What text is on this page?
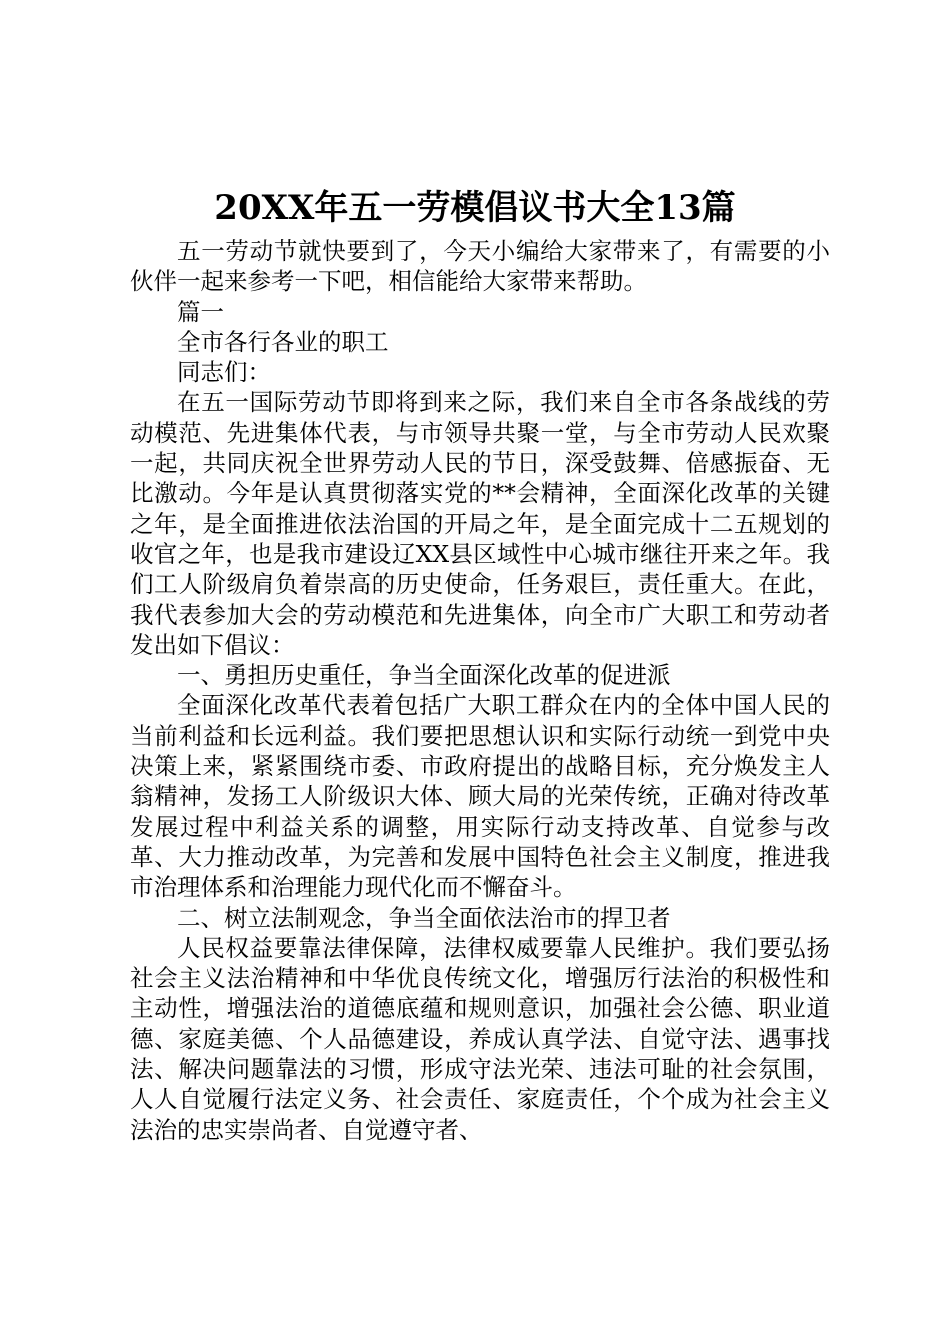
20XX年五一劳模倡议书大全13篇

五一劳动节就快要到了，今天小编给大家带来了，有需要的小伙伴一起来参考一下吧，相信能给大家带来帮助。

篇一

全市各行各业的职工

同志们：

在五一国际劳动节即将到来之际，我们来自全市各条战线的劳动模范、先进集体代表，与市领导共聚一堂，与全市劳动人民欢聚一起，共同庆祝全世界劳动人民的节日，深受鼓舞、倍感振奋、无比激动。今年是认真贯彻落实党的**会精神，全面深化改革的关键之年，是全面推进依法治国的开局之年，是全面完成十二五规划的收官之年，也是我市建设辽XX县区域性中心城市继往开来之年。我们工人阶级肩负着崇高的历史使命，任务艰巨，责任重大。在此，我代表参加大会的劳动模范和先进集体，向全市广大职工和劳动者发出如下倡议：

一、勇担历史重任，争当全面深化改革的促进派

全面深化改革代表着包括广大职工群众在内的全体中国人民的当前利益和长远利益。我们要把思想认识和实际行动统一到党中央决策上来，紧紧围绕市委、市政府提出的战略目标，充分焕发主人翁精神，发扬工人阶级识大体、顾大局的光荣传统，正确对待改革发展过程中利益关系的调整，用实际行动支持改革、自觉参与改革、大力推动改革，为完善和发展中国特色社会主义制度，推进我市治理体系和治理能力现代化而不懈奋斗。

二、树立法制观念，争当全面依法治市的捍卫者

人民权益要靠法律保障，法律权威要靠人民维护。我们要弘扬社会主义法治精神和中华优良传统文化，增强厉行法治的积极性和主动性，增强法治的道德底蕴和规则意识，加强社会公德、职业道德、家庭美德、个人品德建设，养成认真学法、自觉守法、遇事找法、解决问题靠法的习惯，形成守法光荣、违法可耻的社会氛围，人人自觉履行法定义务、社会责任、家庭责任，个个成为社会主义法治的忠实崇尚者、自觉遵守者、
